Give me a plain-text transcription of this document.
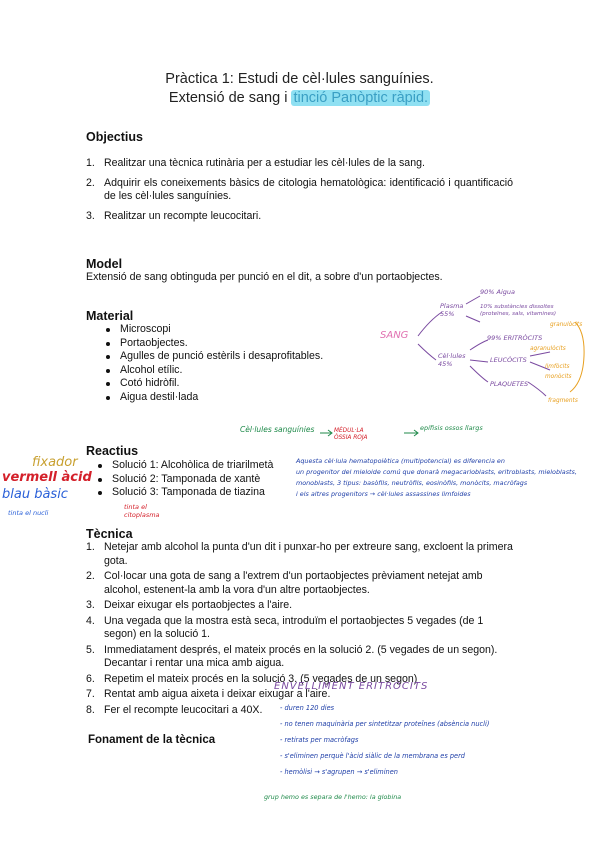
Pràctica 1: Estudi de cèl·lules sanguínies.
Extensió de sang i tinció Panòptic ràpid.
Objectius
1. Realitzar una tècnica rutinària per a estudiar les cèl·lules de la sang.
2. Adquirir els coneixements bàsics de citologia hematològica: identificació i quantificació de les cèl·lules sanguínies.
3. Realitzar un recompte leucocitari.
Model
Extensió de sang obtinguda per punció en el dit, a sobre d'un portaobjectes.
Material
Microscopi
Portaobjectes.
Agulles de punció estèrils i desaprofitables.
Alcohol etílic.
Cotó hidròfil.
Aigua destil·lada
Reactius
Solució 1: Alcohòlica de triarilmetà
Solució 2: Tamponada de xantè
Solució 3: Tamponada de tiazina
Tècnica
1. Netejar amb alcohol la punta d'un dit i punxar-ho per extreure sang, excloent la primera gota.
2. Col·locar una gota de sang a l'extrem d'un portaobjectes prèviament netejat amb alcohol, estenent-la amb la vora d'un altre portaobjectes.
3. Deixar eixugar els portaobjectes a l'aire.
4. Una vegada que la mostra està seca, introduïm el portaobjectes 5 vegades (de 1 segon) en la solució 1.
5. Immediatament després, el mateix procés en la solució 2. (5 vegades de un segon). Decantar i rentar una mica amb aigua.
6. Repetim el mateix procés en la solució 3. (5 vegades de un segon)
7. Rentat amb aigua aixeta i deixar eixugar a l'aire.
8. Fer el recompte leucocitari a 40X.
Fonament de la tècnica
SANG
Plasma 55%
90% Aigua
10% substàncies dissoltes (proteïnes, sals, vitamines)
Cèl·lules 45%
99% ERITRÒCITS
LEUCÒCITS
PLAQUETES
granulòcits
agranulòcits
limfòcits
monòcits
fragments
Cèl·lules sanguínies	MÈDUL·LA ÒSSIA ROJA
epífisis ossos llargs
fixador
vermell àcid
blau bàsic
tinta el nucli
tinta el citoplasma
Aquesta cèl·lula hematopoiètica (multipotencial) es diferencia en
un progenitor del mieloide comú que donarà megacarioblasts, eritroblasts, mieloblasts,
monoblasts, 3 tipus: basòfils, neutròfils, eosinòfils, monòcits, macròfags
i els altres progenitors → cèl·lules assassines limfoides
ENVELLIMENT ERITRÒCITS
- duren 120 dies
- no tenen maquinària per sintetitzar proteïnes (absència nucli)
- retirats per macròfags
- s'eliminen perquè l'àcid siàlic de la membrana es perd
- hemòlisi → s'agrupen → s'eliminen
grup hemo es separa de l'hemo: la globina
